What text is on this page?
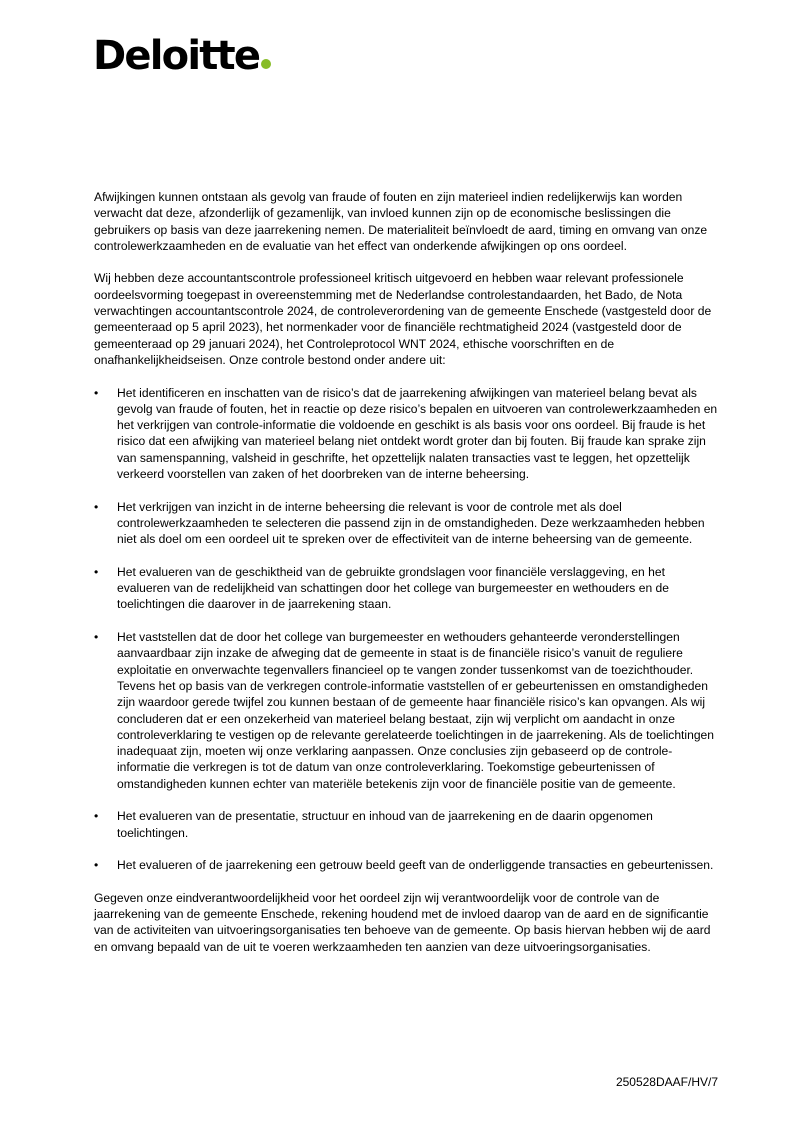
Deloitte

Afwijkingen kunnen ontstaan als gevolg van fraude of fouten en zijn materieel indien redelijkerwijs kan worden verwacht dat deze, afzonderlijk of gezamenlijk, van invloed kunnen zijn op de economische beslissingen die gebruikers op basis van deze jaarrekening nemen. De materialiteit beïnvloedt de aard, timing en omvang van onze controlewerkzaamheden en de evaluatie van het effect van onderkende afwijkingen op ons oordeel.

Wij hebben deze accountantscontrole professioneel kritisch uitgevoerd en hebben waar relevant professionele oordeelsvorming toegepast in overeenstemming met de Nederlandse controlestandaarden, het Bado, de Nota verwachtingen accountantscontrole 2024, de controleverordening van de gemeente Enschede (vastgesteld door de gemeenteraad op 5 april 2023), het normenkader voor de financiële rechtmatigheid 2024 (vastgesteld door de gemeenteraad op 29 januari 2024), het Controleprotocol WNT 2024, ethische voorschriften en de onafhankelijkheidseisen. Onze controle bestond onder andere uit:

• Het identificeren en inschatten van de risico’s dat de jaarrekening afwijkingen van materieel belang bevat als gevolg van fraude of fouten, het in reactie op deze risico’s bepalen en uitvoeren van controlewerkzaamheden en het verkrijgen van controle-informatie die voldoende en geschikt is als basis voor ons oordeel. Bij fraude is het risico dat een afwijking van materieel belang niet ontdekt wordt groter dan bij fouten. Bij fraude kan sprake zijn van samenspanning, valsheid in geschrifte, het opzettelijk nalaten transacties vast te leggen, het opzettelijk verkeerd voorstellen van zaken of het doorbreken van de interne beheersing.
• Het verkrijgen van inzicht in de interne beheersing die relevant is voor de controle met als doel controlewerkzaamheden te selecteren die passend zijn in de omstandigheden. Deze werkzaamheden hebben niet als doel om een oordeel uit te spreken over de effectiviteit van de interne beheersing van de gemeente.
• Het evalueren van de geschiktheid van de gebruikte grondslagen voor financiële verslaggeving, en het evalueren van de redelijkheid van schattingen door het college van burgemeester en wethouders en de toelichtingen die daarover in de jaarrekening staan.
• Het vaststellen dat de door het college van burgemeester en wethouders gehanteerde veronderstellingen aanvaardbaar zijn inzake de afweging dat de gemeente in staat is de financiële risico’s vanuit de reguliere exploitatie en onverwachte tegenvallers financieel op te vangen zonder tussenkomst van de toezichthouder. Tevens het op basis van de verkregen controle-informatie vaststellen of er gebeurtenissen en omstandigheden zijn waardoor gerede twijfel zou kunnen bestaan of de gemeente haar financiële risico’s kan opvangen. Als wij concluderen dat er een onzekerheid van materieel belang bestaat, zijn wij verplicht om aandacht in onze controleverklaring te vestigen op de relevante gerelateerde toelichtingen in de jaarrekening. Als de toelichtingen inadequaat zijn, moeten wij onze verklaring aanpassen. Onze conclusies zijn gebaseerd op de controle-informatie die verkregen is tot de datum van onze controleverklaring. Toekomstige gebeurtenissen of omstandigheden kunnen echter van materiële betekenis zijn voor de financiële positie van de gemeente.
• Het evalueren van de presentatie, structuur en inhoud van de jaarrekening en de daarin opgenomen toelichtingen.
• Het evalueren of de jaarrekening een getrouw beeld geeft van de onderliggende transacties en gebeurtenissen.

Gegeven onze eindverantwoordelijkheid voor het oordeel zijn wij verantwoordelijk voor de controle van de jaarrekening van de gemeente Enschede, rekening houdend met de invloed daarop van de aard en de significantie van de activiteiten van uitvoeringsorganisaties ten behoeve van de gemeente. Op basis hiervan hebben wij de aard en omvang bepaald van de uit te voeren werkzaamheden ten aanzien van deze uitvoeringsorganisaties.

250528DAAF/HV/7
